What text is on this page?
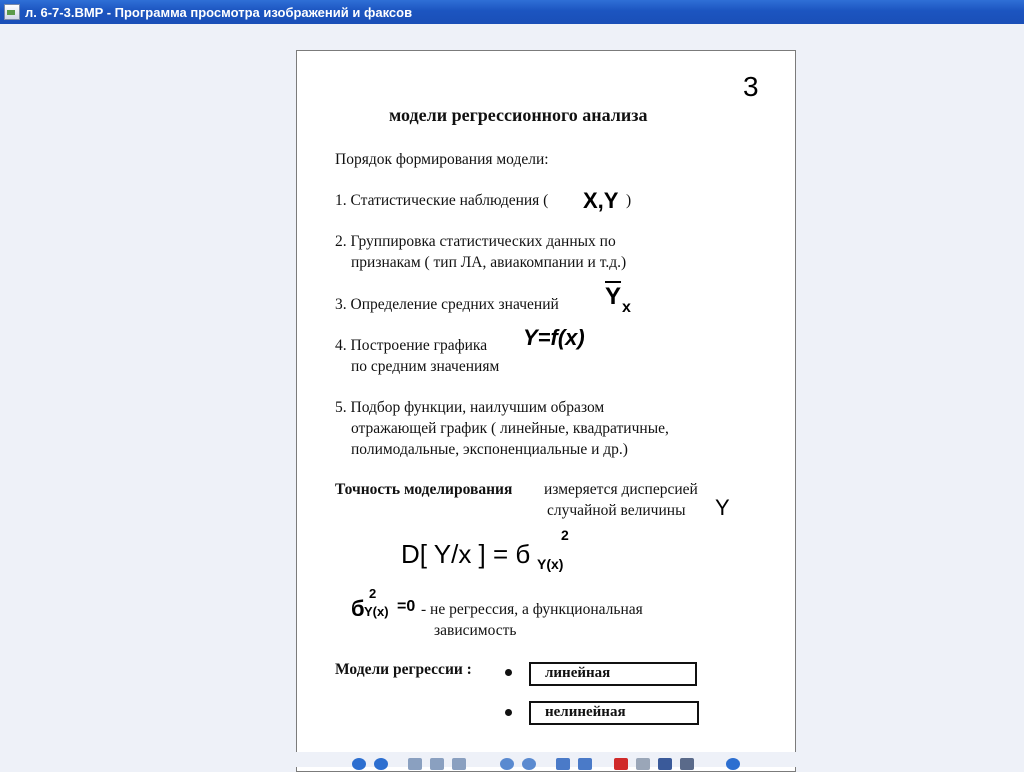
л. 6-7-3.BMP - Программа просмотра изображений и факсов
3
модели регрессионного анализа
Порядок формирования модели:
1. Статистические наблюдения ( X,Y )
2. Группировка статистических данных по
признакам ( тип ЛА, авиакомпании и т.д.)
3. Определение средних значений $\overline{Y}$ x
4. Построение графика
по средним значениям
Y=f(x)
5. Подбор функции, наилучшим образом
отражающей график ( линейные, квадратичные,
полимодальные, экспоненциальные и др.)
Точность моделирования измеряется дисперсией
случайной величины Y
D[ Y/x ] = б
2
Y(x)
б
2
Y(x) =0 - не регрессия, а функциональная
зависимость
Модели регрессии :	линейная
нелинейная
